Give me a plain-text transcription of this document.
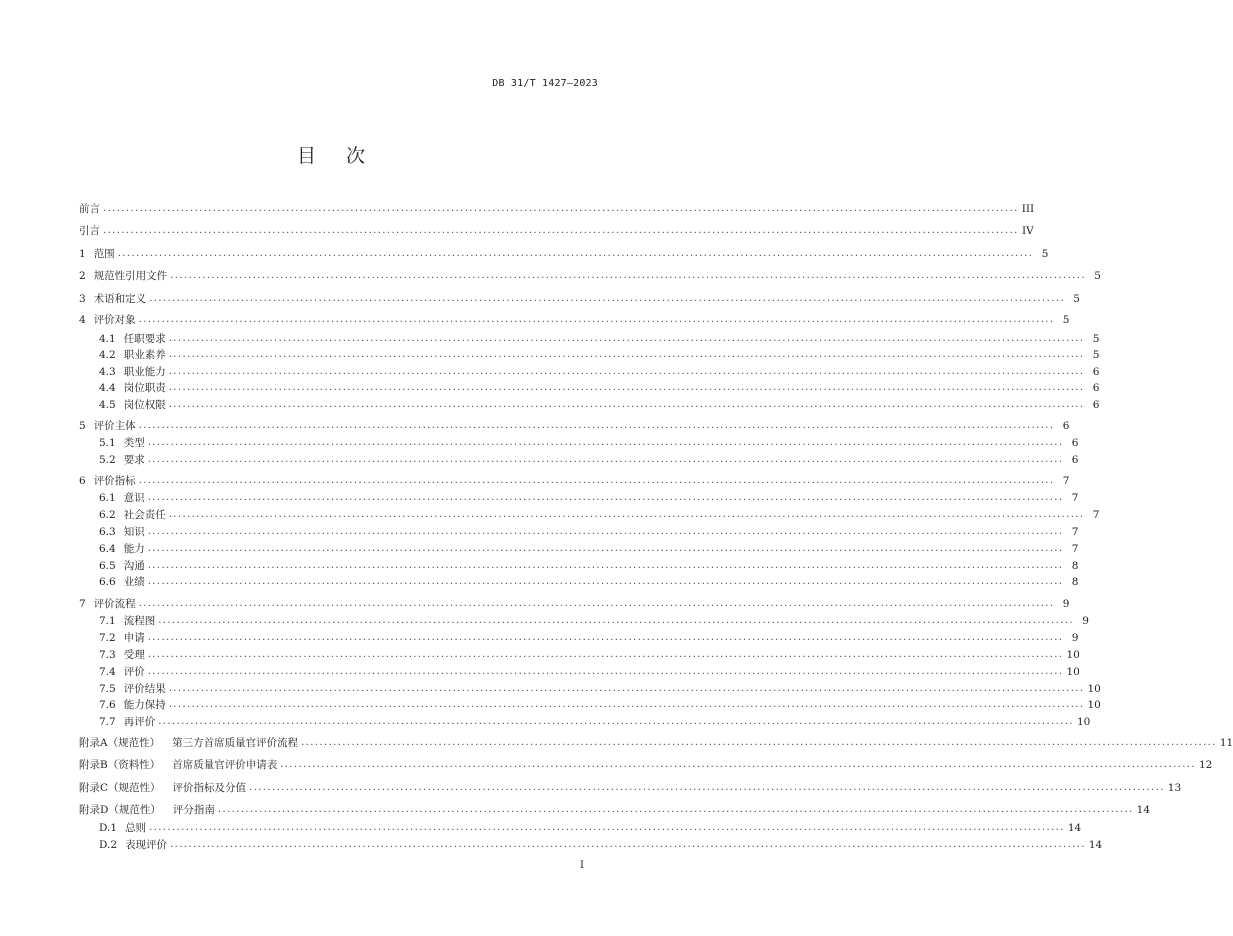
DB 31/T 1427—2023
目 次
前言 ........................................................................................................................................................................................................ III
引言 ........................................................................................................................................................................................................ IV
1 范围 ........................................................................................................................................................................................................ 5
2 规范性引用文件 ........................................................................................................................................................................................................ 5
3 术语和定义 ........................................................................................................................................................................................................ 5
4 评价对象 ........................................................................................................................................................................................................ 5
4.1 任职要求 ........................................................................................................................................................................................................ 5
4.2 职业素养 ........................................................................................................................................................................................................ 5
4.3 职业能力 ........................................................................................................................................................................................................ 6
4.4 岗位职责 ........................................................................................................................................................................................................ 6
4.5 岗位权限 ........................................................................................................................................................................................................ 6
5 评价主体 ........................................................................................................................................................................................................ 6
5.1 类型 ........................................................................................................................................................................................................ 6
5.2 要求 ........................................................................................................................................................................................................ 6
6 评价指标 ........................................................................................................................................................................................................ 7
6.1 意识 ........................................................................................................................................................................................................ 7
6.2 社会责任 ........................................................................................................................................................................................................ 7
6.3 知识 ........................................................................................................................................................................................................ 7
6.4 能力 ........................................................................................................................................................................................................ 7
6.5 沟通 ........................................................................................................................................................................................................ 8
6.6 业绩 ........................................................................................................................................................................................................ 8
7 评价流程 ........................................................................................................................................................................................................ 9
7.1 流程图 ........................................................................................................................................................................................................ 9
7.2 申请 ........................................................................................................................................................................................................ 9
7.3 受理 ........................................................................................................................................................................................................ 10
7.4 评价 ........................................................................................................................................................................................................ 10
7.5 评价结果 ........................................................................................................................................................................................................ 10
7.6 能力保持 ........................................................................................................................................................................................................ 10
7.7 再评价 ........................................................................................................................................................................................................ 10
附录A（规范性） 第三方首席质量官评价流程 ........................................................................................................................................................................................................ 11
附录B（资料性） 首席质量官评价申请表 ........................................................................................................................................................................................................ 12
附录C（规范性） 评价指标及分值 ........................................................................................................................................................................................................ 13
附录D（规范性） 评分指南 ........................................................................................................................................................................................................ 14
D.1 总则 ........................................................................................................................................................................................................ 14
D.2 表现评价 ........................................................................................................................................................................................................ 14
I
